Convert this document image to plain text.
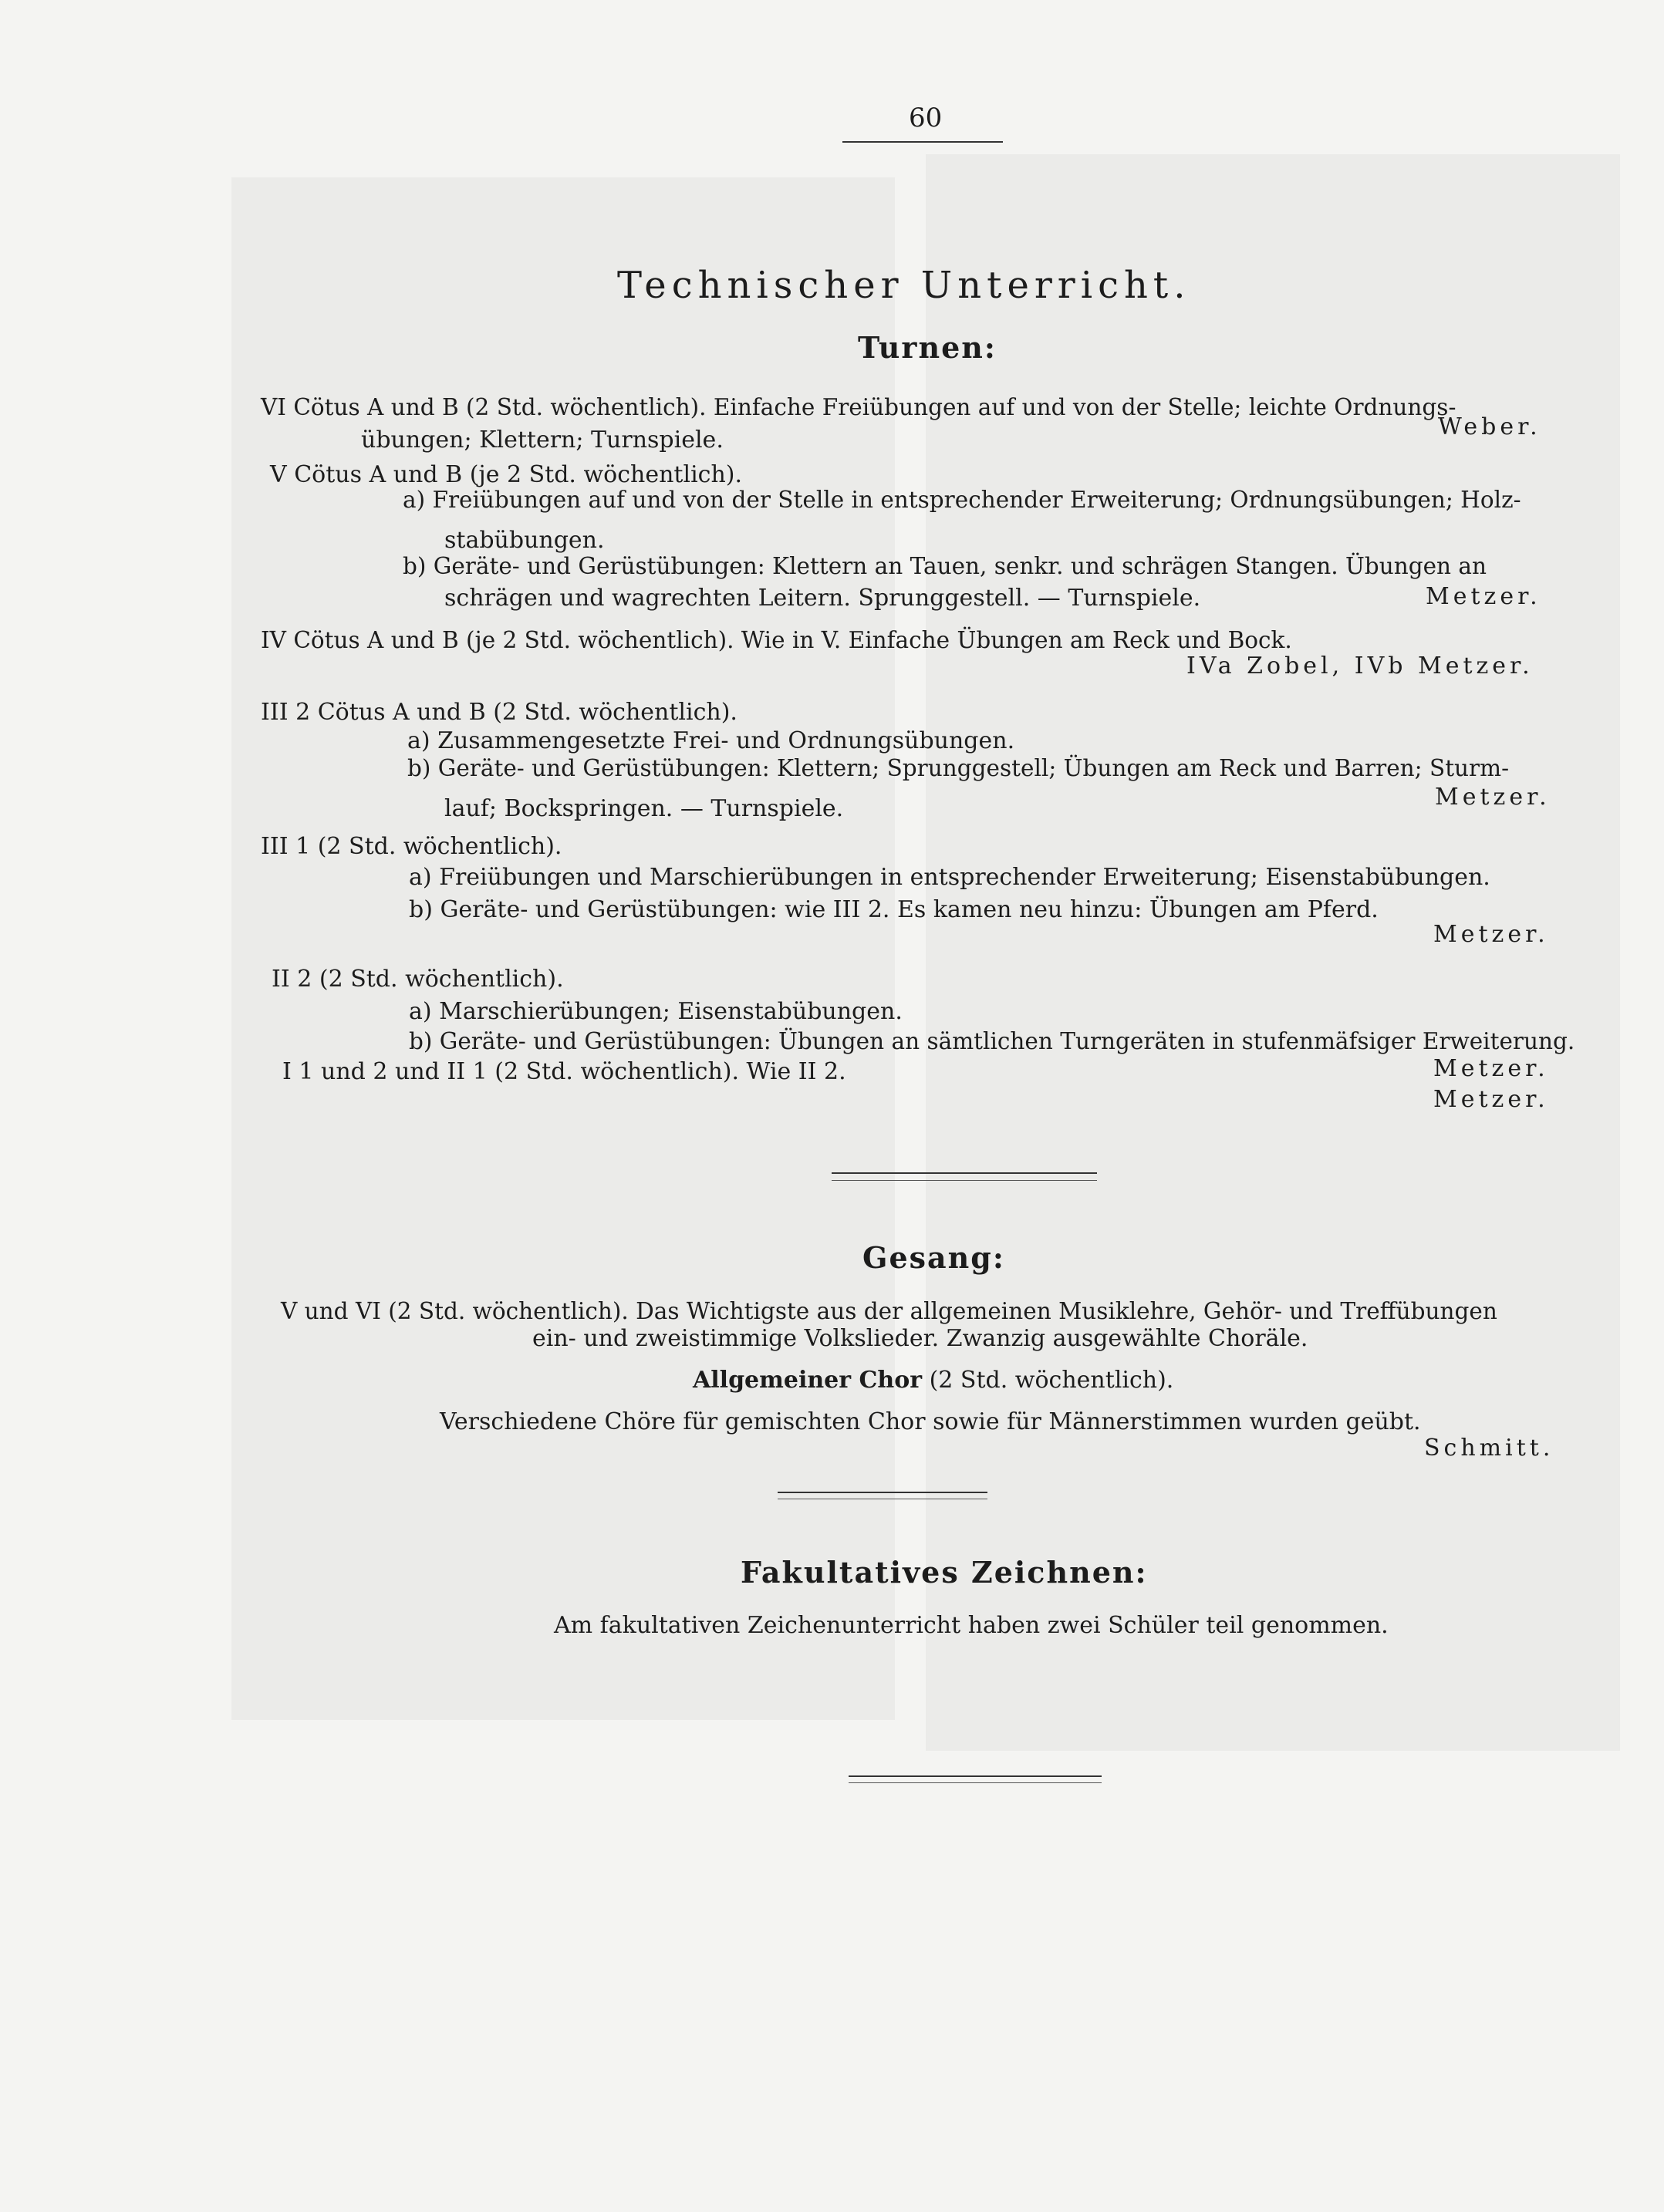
60
Technischer Unterricht.
Turnen:
VI Cötus A und B (2 Std. wöchentlich). Einfache Freiübungen auf und von der Stelle; leichte Ordnungs-
übungen; Klettern; Turnspiele.	Weber.
V Cötus A und B (je 2 Std. wöchentlich).
a) Freiübungen auf und von der Stelle in entsprechender Erweiterung; Ordnungsübungen; Holz-
stabübungen.
b) Geräte- und Gerüstübungen: Klettern an Tauen, senkr. und schrägen Stangen. Übungen an
schrägen und wagrechten Leitern. Sprunggestell. — Turnspiele.	Metzer.
IV Cötus A und B (je 2 Std. wöchentlich). Wie in V. Einfache Übungen am Reck und Bock.
IVa Zobel, IVb Metzer.
III 2 Cötus A und B (2 Std. wöchentlich).
a) Zusammengesetzte Frei- und Ordnungsübungen.
b) Geräte- und Gerüstübungen: Klettern; Sprunggestell; Übungen am Reck und Barren; Sturm-
lauf; Bockspringen. — Turnspiele.	Metzer.
III 1 (2 Std. wöchentlich).
a) Freiübungen und Marschierübungen in entsprechender Erweiterung; Eisenstabübungen.
b) Geräte- und Gerüstübungen: wie III 2. Es kamen neu hinzu: Übungen am Pferd.
Metzer.
II 2 (2 Std. wöchentlich).
a) Marschierübungen; Eisenstabübungen.
b) Geräte- und Gerüstübungen: Übungen an sämtlichen Turngeräten in stufenmäfsiger Erweiterung.
Metzer.
I 1 und 2 und II 1 (2 Std. wöchentlich). Wie II 2.
Metzer.
Gesang:
V und VI (2 Std. wöchentlich). Das Wichtigste aus der allgemeinen Musiklehre, Gehör- und Treffübungen
ein- und zweistimmige Volkslieder. Zwanzig ausgewählte Choräle.
Allgemeiner Chor (2 Std. wöchentlich).
Verschiedene Chöre für gemischten Chor sowie für Männerstimmen wurden geübt.
Schmitt.
Fakultatives Zeichnen:
Am fakultativen Zeichenunterricht haben zwei Schüler teil genommen.
